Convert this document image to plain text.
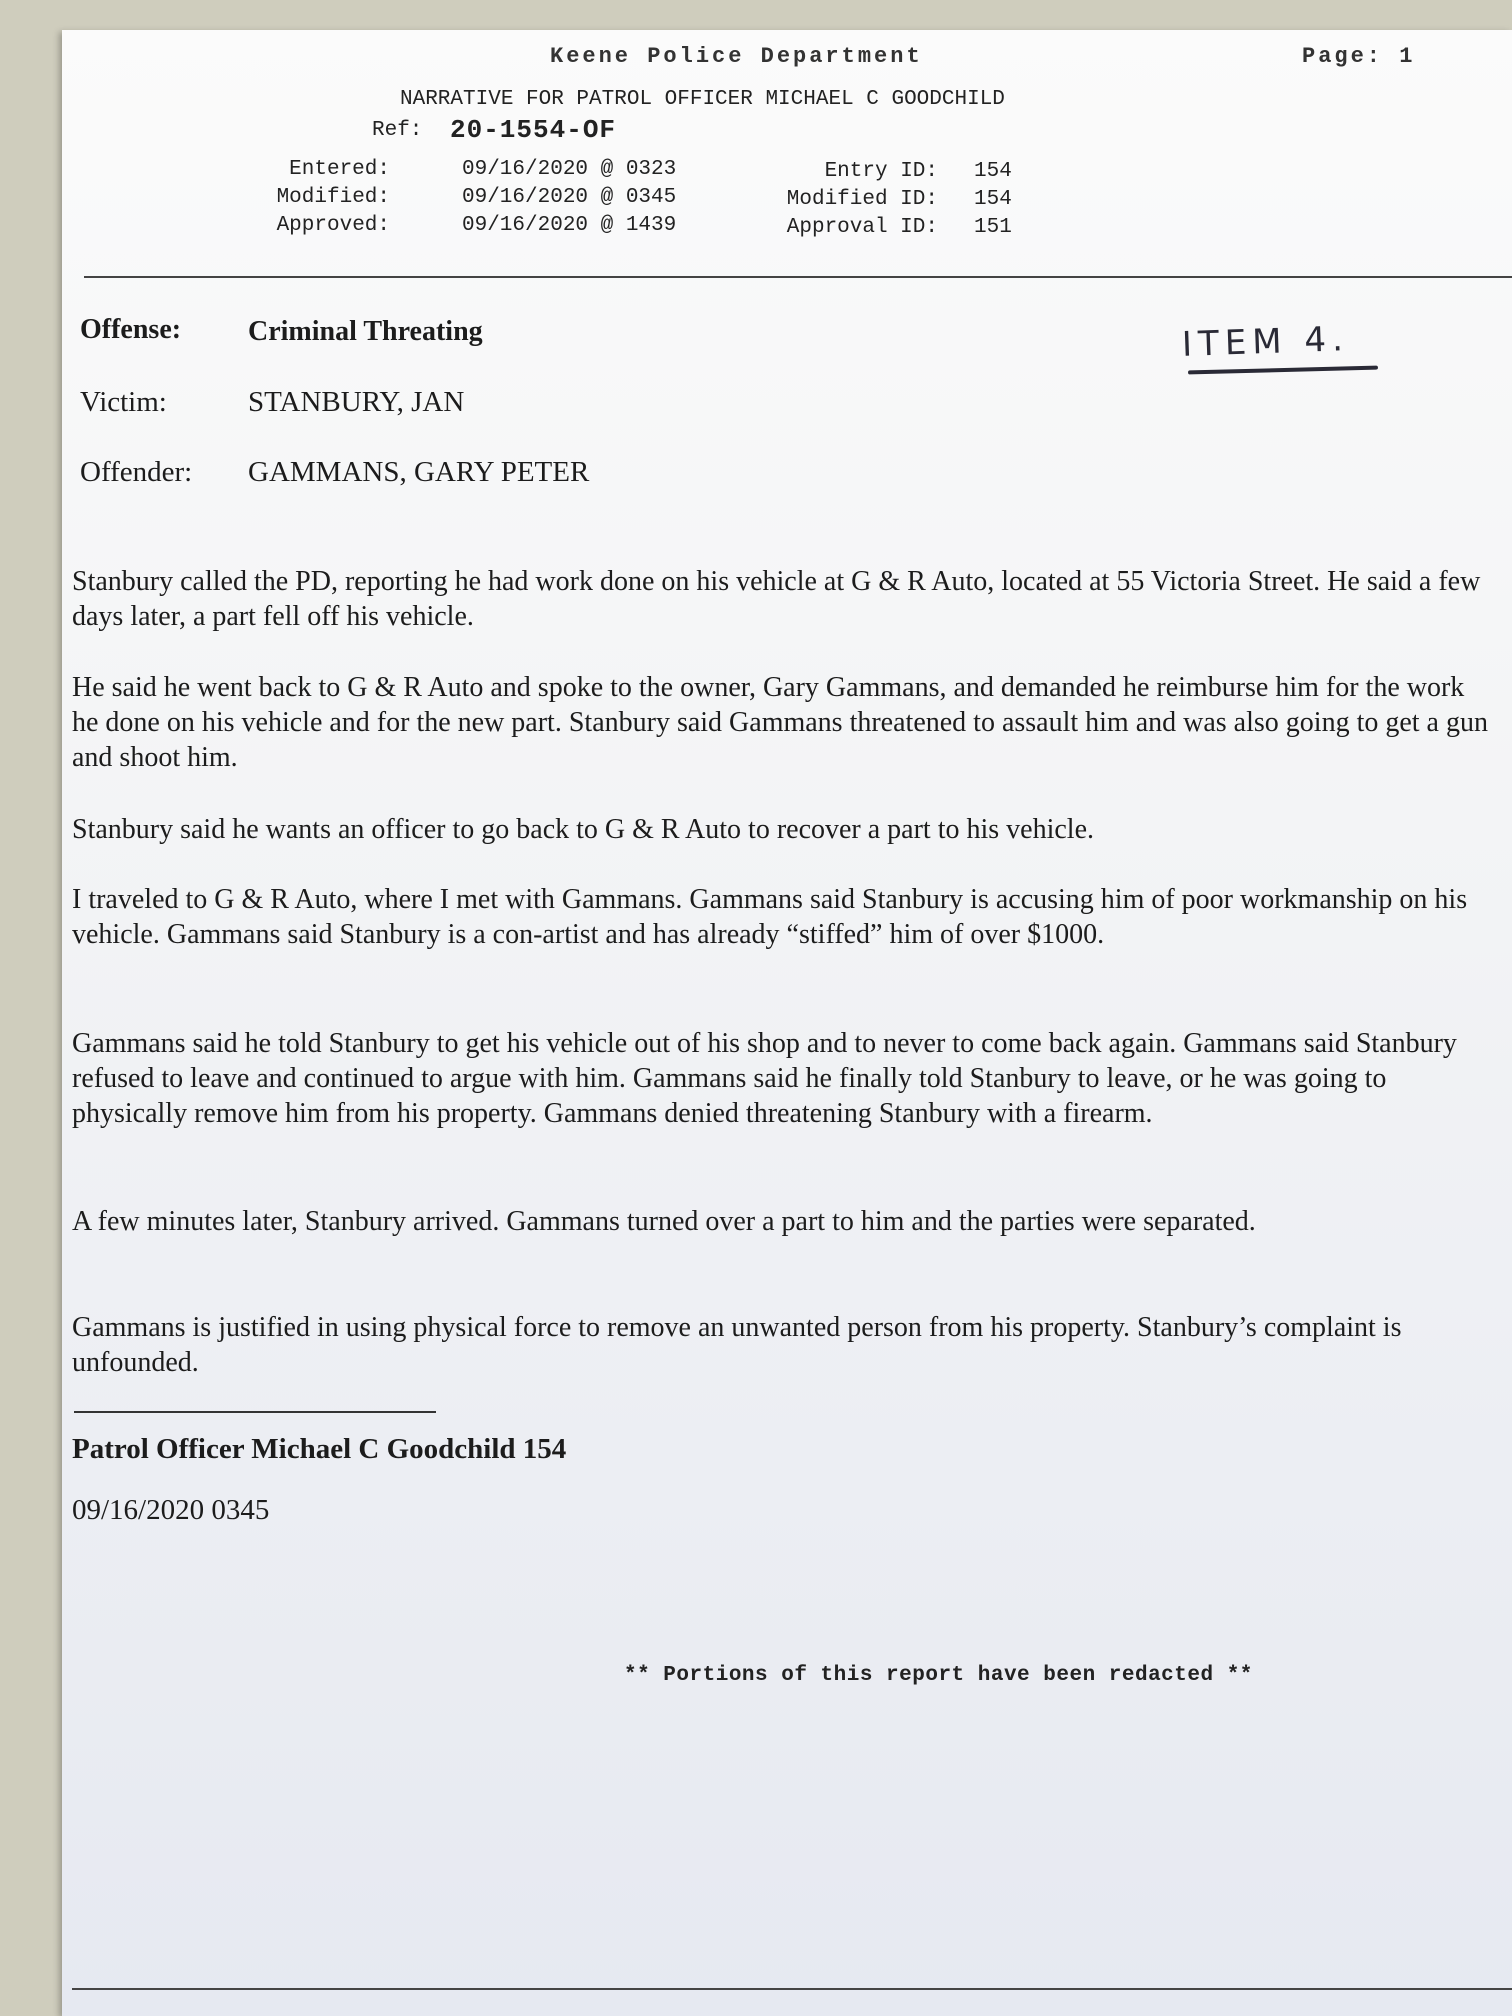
Keene Police Department	Page: 1
NARRATIVE FOR PATROL OFFICER MICHAEL C GOODCHILD
Ref: 20-1554-OF
Entered:	09/16/2020 @ 0323	Entry ID: 154
Modified:	09/16/2020 @ 0345	Modified ID: 154
Approved:	09/16/2020 @ 1439	Approval ID: 151
Offense: Criminal Threating
Victim:	STANBURY, JAN
Offender: GAMMANS, GARY PETER
ITEM 4.

Stanbury called the PD, reporting he had work done on his vehicle at G & R Auto, located at 55 Victoria Street. He said a few days later, a part fell off his vehicle.

He said he went back to G & R Auto and spoke to the owner, Gary Gammans, and demanded he reimburse him for the work he done on his vehicle and for the new part. Stanbury said Gammans threatened to assault him and was also going to get a gun and shoot him.

Stanbury said he wants an officer to go back to G & R Auto to recover a part to his vehicle.

I traveled to G & R Auto, where I met with Gammans. Gammans said Stanbury is accusing him of poor workmanship on his vehicle. Gammans said Stanbury is a con-artist and has already “stiffed” him of over $1000.

Gammans said he told Stanbury to get his vehicle out of his shop and to never to come back again. Gammans said Stanbury refused to leave and continued to argue with him. Gammans said he finally told Stanbury to leave, or he was going to physically remove him from his property. Gammans denied threatening Stanbury with a firearm.

A few minutes later, Stanbury arrived. Gammans turned over a part to him and the parties were separated.

Gammans is justified in using physical force to remove an unwanted person from his property. Stanbury’s complaint is unfounded.

Patrol Officer Michael C Goodchild 154
09/16/2020 0345
** Portions of this report have been redacted **
